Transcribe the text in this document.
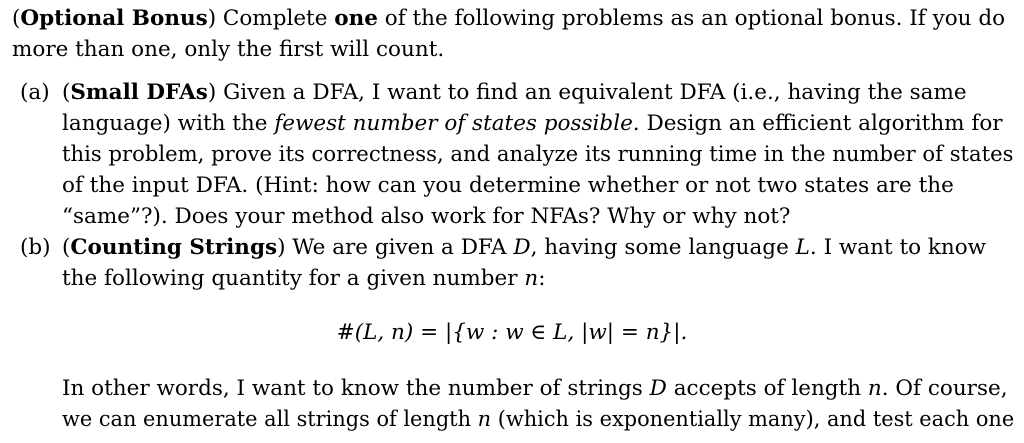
(Optional Bonus) Complete one of the following problems as an optional bonus. If you do
more than one, only the first will count.
(a) (Small DFAs) Given a DFA, I want to find an equivalent DFA (i.e., having the same
language) with the fewest number of states possible. Design an efficient algorithm for
this problem, prove its correctness, and analyze its running time in the number of states
of the input DFA. (Hint: how can you determine whether or not two states are the
“same”?). Does your method also work for NFAs? Why or why not?
(b) (Counting Strings) We are given a DFA D, having some language L. I want to know
the following quantity for a given number n:
#(L, n) = |{w : w ∈ L, |w| = n}|.
In other words, I want to know the number of strings D accepts of length n. Of course,
we can enumerate all strings of length n (which is exponentially many), and test each one
